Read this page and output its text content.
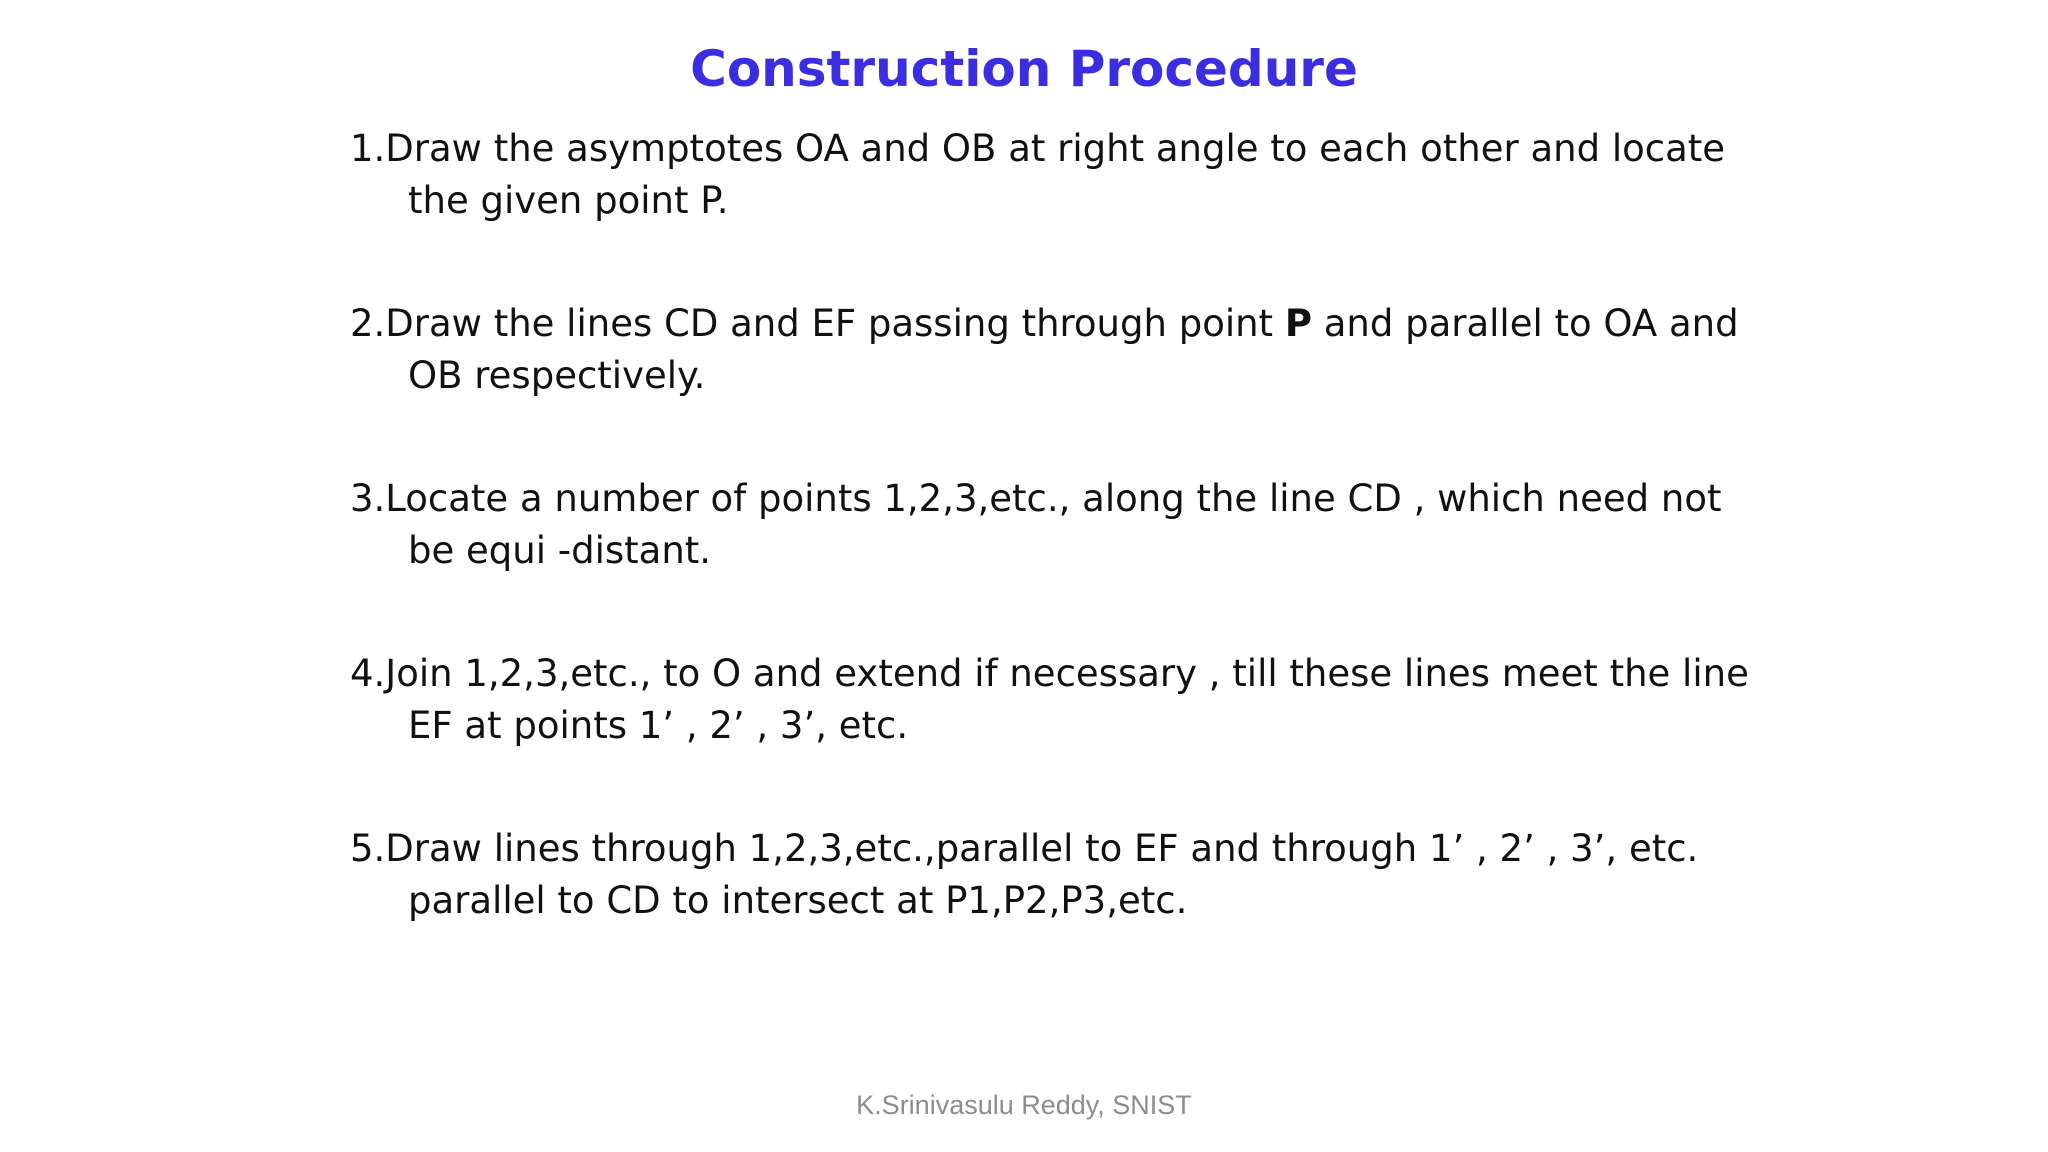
Construction Procedure
1.Draw the asymptotes OA and OB at right angle to each other and locate the given point P.
2.Draw the lines CD and EF passing through point P and parallel to OA and OB respectively.
3.Locate a number of points 1,2,3,etc., along the line CD , which need not be equi -distant.
4.Join 1,2,3,etc., to O and extend if necessary , till these lines meet the line EF at points 1’ , 2’ , 3’, etc.
5.Draw lines through 1,2,3,etc.,parallel to EF and through 1’ , 2’ , 3’, etc. parallel to CD to intersect at P1,P2,P3,etc.
K.Srinivasulu Reddy, SNIST
